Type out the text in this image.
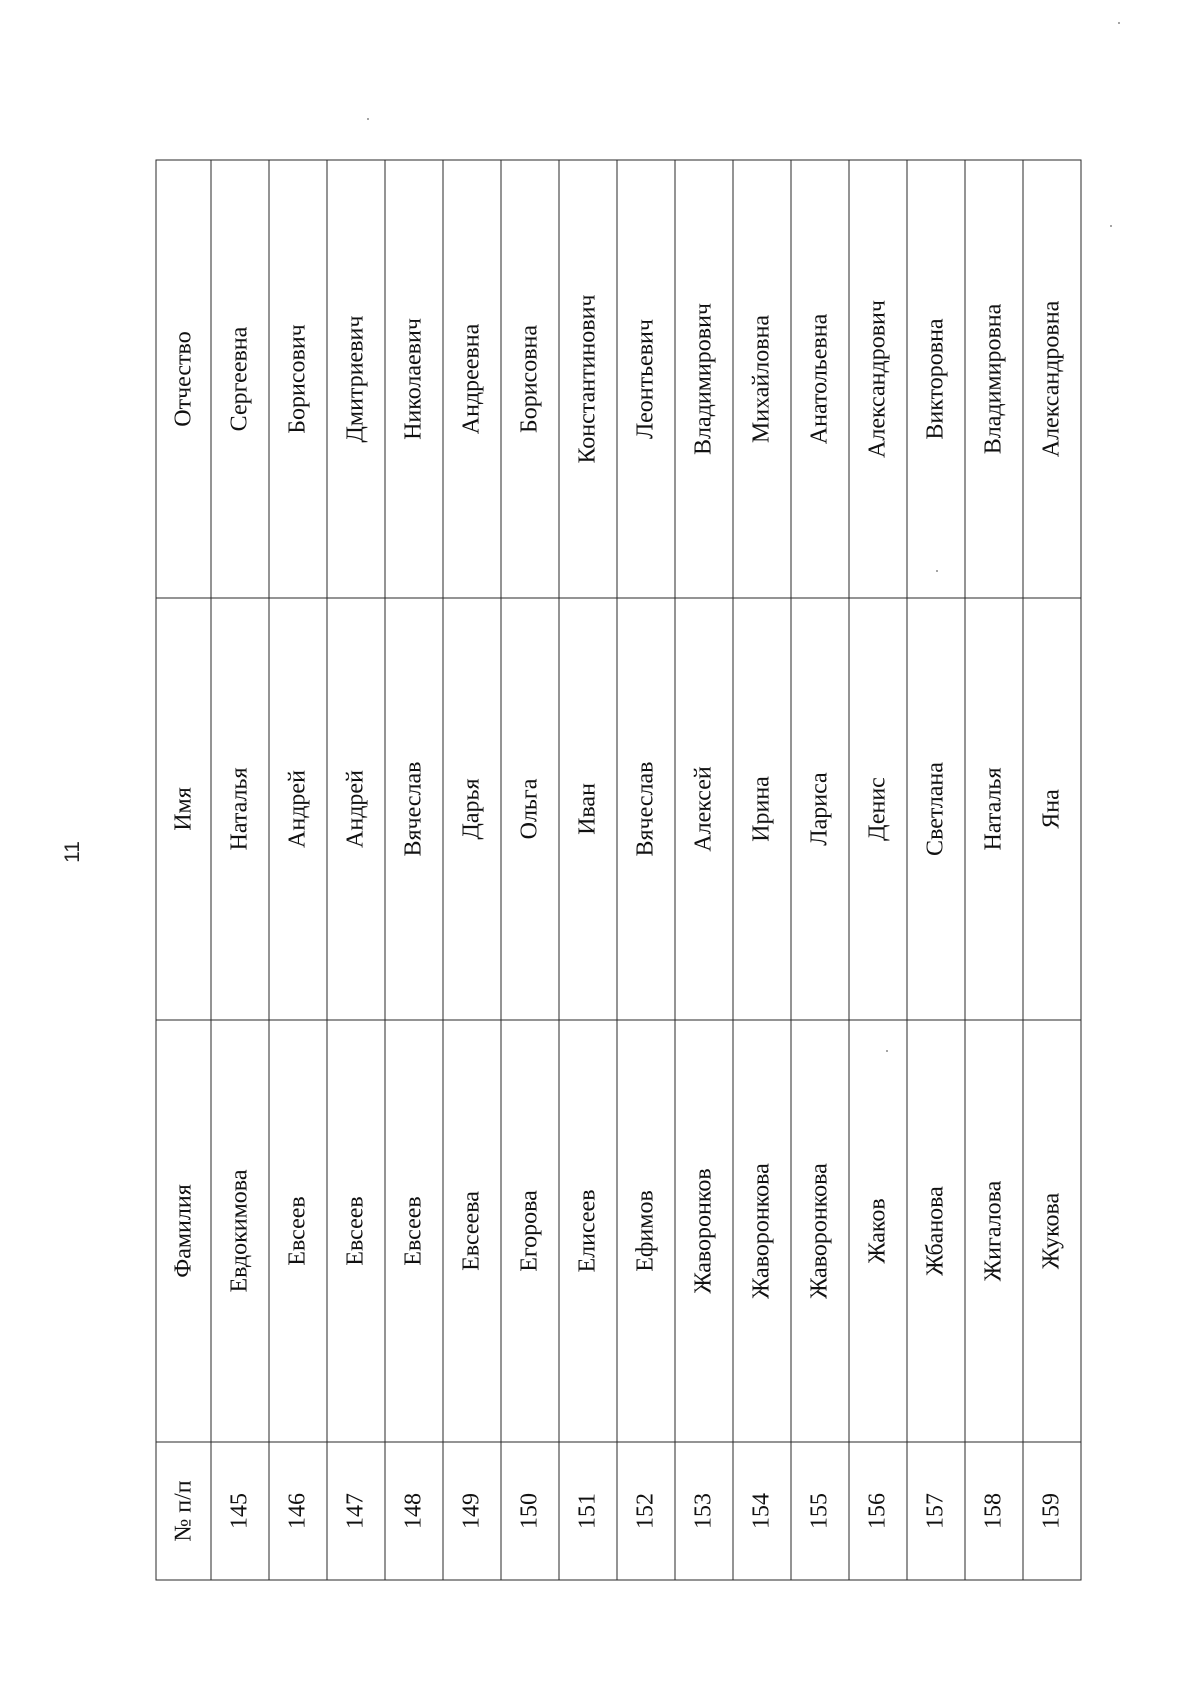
11
№ п/п	Фамилия	Имя	Отчество
145	Евдокимова	Наталья	Сергеевна
146	Евсеев	Андрей	Борисович
147	Евсеев	Андрей	Дмитриевич
148	Евсеев	Вячеслав	Николаевич
149	Евсеева	Дарья	Андреевна
150	Егорова	Ольга	Борисовна
151	Елисеев	Иван	Константинович
152	Ефимов	Вячеслав	Леонтьевич
153	Жаворонков	Алексей	Владимирович
154	Жаворонкова	Ирина	Михайловна
155	Жаворонкова	Лариса	Анатольевна
156	Жаков	Денис	Александрович
157	Жбанова	Светлана	Викторовна
158	Жигалова	Наталья	Владимировна
159	Жукова	Яна	Александровна
